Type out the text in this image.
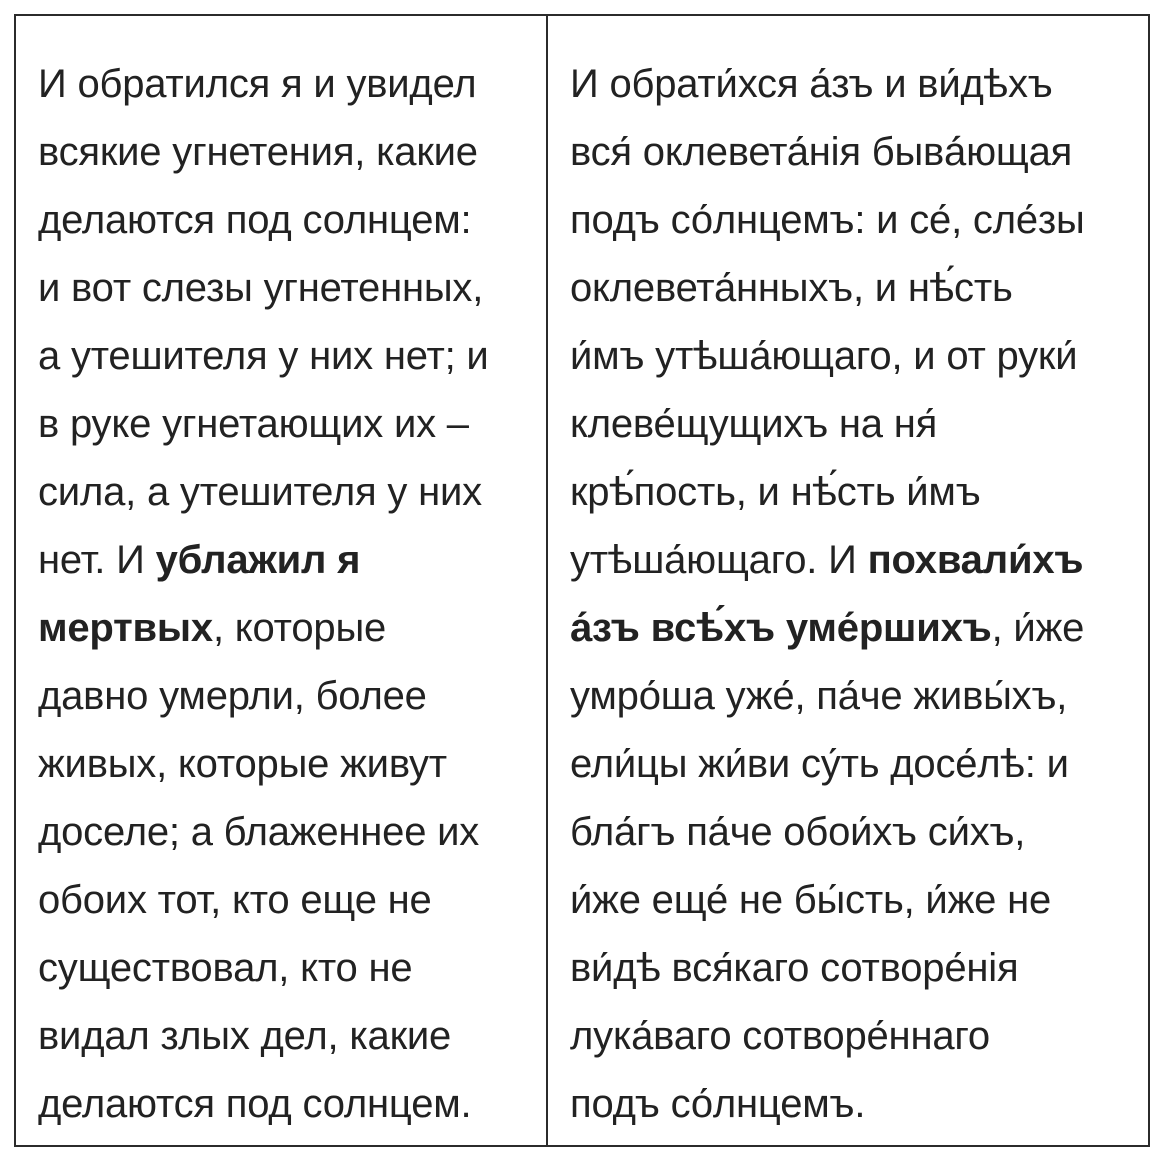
И обратился я и увидел
всякие угнетения, какие
делаются под солнцем:
и вот слезы угнетенных,
а утешителя у них нет; и
в руке угнетающих их –
сила, а утешителя у них
нет. И ублажил я
мертвых, которые
давно умерли, более
живых, которые живут
доселе; а блаженнее их
обоих тот, кто еще не
существовал, кто не
видал злых дел, какие
делаются под солнцем.
И обрати́хся а́зъ и ви́дѣхъ
вся́ оклевета́нія бывá́ющая
подъ со́лнцемъ: и се́, сле́зы
оклевета́нныхъ, и нѣ́сть
и́мъ утѣша́ющаго, и от руки́
клеве́щущихъ на ня́
крѣ́пость, и нѣ́сть и́мъ
утѣша́ющаго. И похвали́хъ
а́зъ всѣ́хъ уме́ршихъ, и́же
умро́ша уже́, па́че живы́хъ,
ели́цы жи́ви су́ть досе́лѣ: и
бла́гъ па́че обои́хъ си́хъ,
и́же еще́ не бы́сть, и́же не
ви́дѣ вся́каго сотворе́нія
лука́ваго сотворе́ннаго
подъ со́лнцемъ.
